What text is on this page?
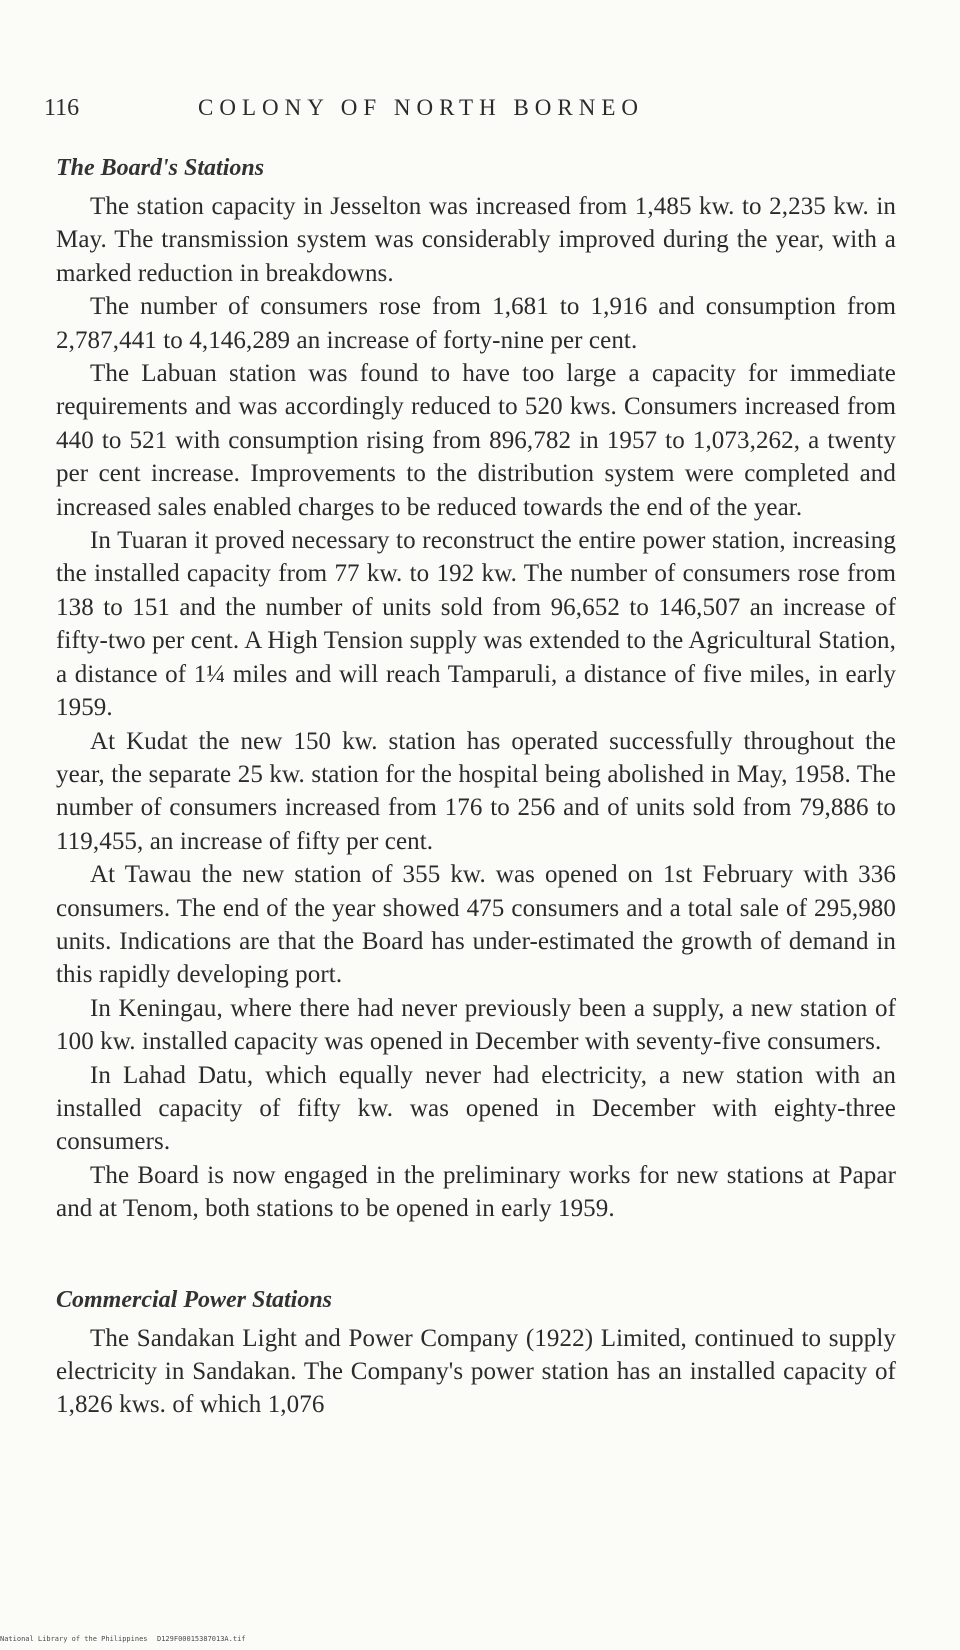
116	COLONY OF NORTH BORNEO
The Board's Stations

The station capacity in Jesselton was increased from 1,485 kw. to 2,235 kw. in May. The transmission system was considerably improved during the year, with a marked reduction in breakdowns.

The number of consumers rose from 1,681 to 1,916 and consumption from 2,787,441 to 4,146,289 an increase of forty-nine per cent.

The Labuan station was found to have too large a capacity for immediate requirements and was accordingly reduced to 520 kws. Consumers increased from 440 to 521 with consumption rising from 896,782 in 1957 to 1,073,262, a twenty per cent increase. Improvements to the distribution system were completed and increased sales enabled charges to be reduced towards the end of the year.

In Tuaran it proved necessary to reconstruct the entire power station, increasing the installed capacity from 77 kw. to 192 kw. The number of consumers rose from 138 to 151 and the number of units sold from 96,652 to 146,507 an increase of fifty-two per cent. A High Tension supply was extended to the Agricultural Station, a distance of 1¼ miles and will reach Tamparuli, a distance of five miles, in early 1959.

At Kudat the new 150 kw. station has operated successfully throughout the year, the separate 25 kw. station for the hospital being abolished in May, 1958. The number of consumers increased from 176 to 256 and of units sold from 79,886 to 119,455, an increase of fifty per cent.

At Tawau the new station of 355 kw. was opened on 1st February with 336 consumers. The end of the year showed 475 consumers and a total sale of 295,980 units. Indications are that the Board has under-estimated the growth of demand in this rapidly developing port.

In Keningau, where there had never previously been a supply, a new station of 100 kw. installed capacity was opened in December with seventy-five consumers.

In Lahad Datu, which equally never had electricity, a new station with an installed capacity of fifty kw. was opened in December with eighty-three consumers.

The Board is now engaged in the preliminary works for new stations at Papar and at Tenom, both stations to be opened in early 1959.

Commercial Power Stations

The Sandakan Light and Power Company (1922) Limited, continued to supply electricity in Sandakan. The Company's power station has an installed capacity of 1,826 kws. of which 1,076

National Library of the Philippines D129F00015387013A.tif
